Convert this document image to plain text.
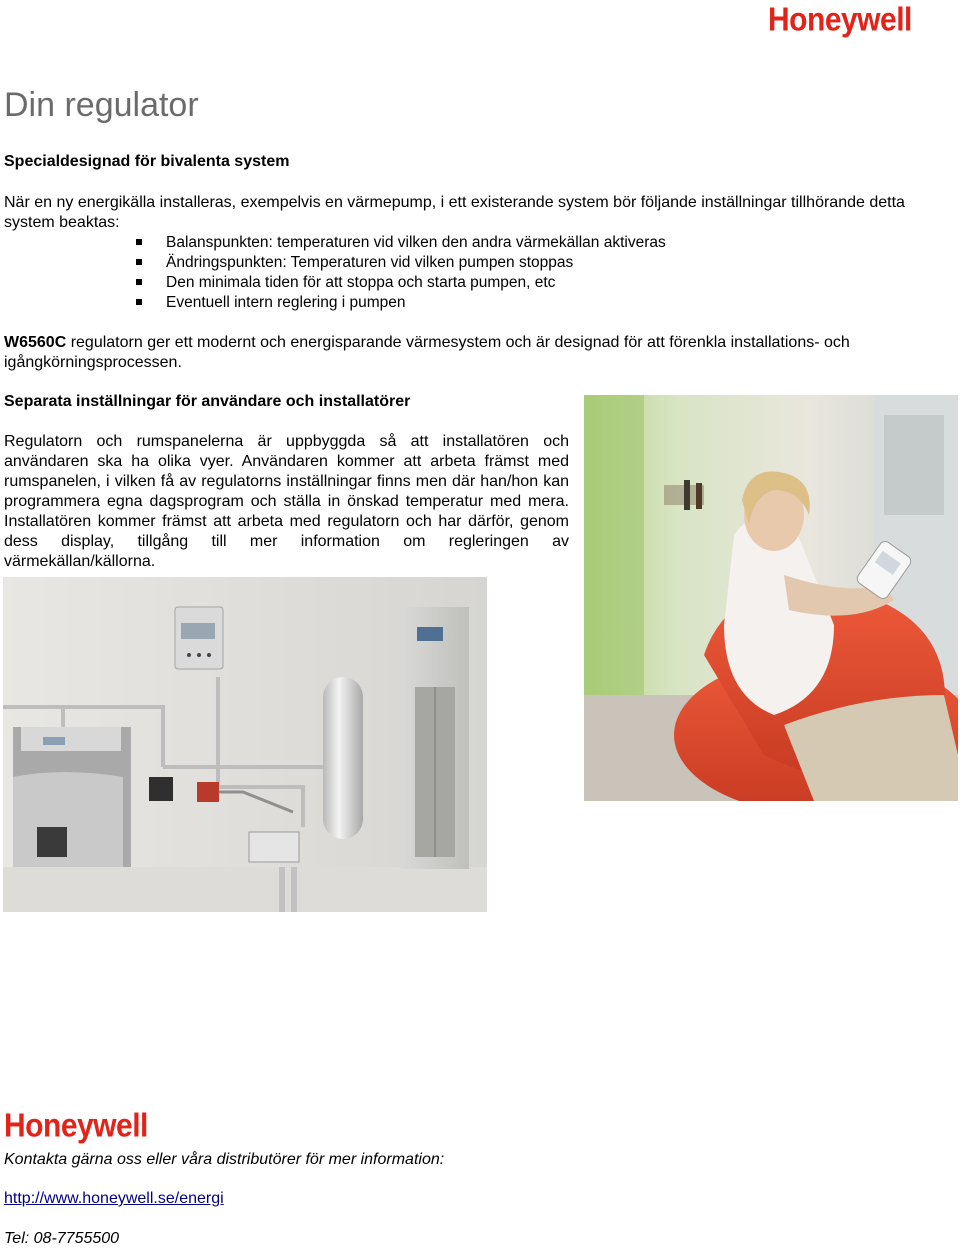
Honeywell
Din regulator
Specialdesignad för bivalenta system

När en ny energikälla installeras, exempelvis en värmepump, i ett existerande system bör följande inställningar tillhörande detta system beaktas:

Balanspunkten: temperaturen vid vilken den andra värmekällan aktiveras
Ändringspunkten: Temperaturen vid vilken pumpen stoppas
Den minimala tiden för att stoppa och starta pumpen, etc
Eventuell intern reglering i pumpen

W6560C regulatorn ger ett modernt och energisparande värmesystem och är designad för att förenkla installations- och igångkörningsprocessen.

Separata inställningar för användare och installatörer

Regulatorn och rumspanelerna är uppbyggda så att installatören och användaren ska ha olika vyer. Användaren kommer att arbeta främst med rumspanelen, i vilken få av regulatorns inställningar finns men där han/hon kan programmera egna dagsprogram och ställa in önskad temperatur med mera. Installatören kommer främst att arbeta med regulatorn och har därför, genom dess display, tillgång till mer information om regleringen av värmekällan/källorna.

Honeywell

Kontakta gärna oss eller våra distributörer för mer information:

http://www.honeywell.se/energi

Tel: 08-7755500
